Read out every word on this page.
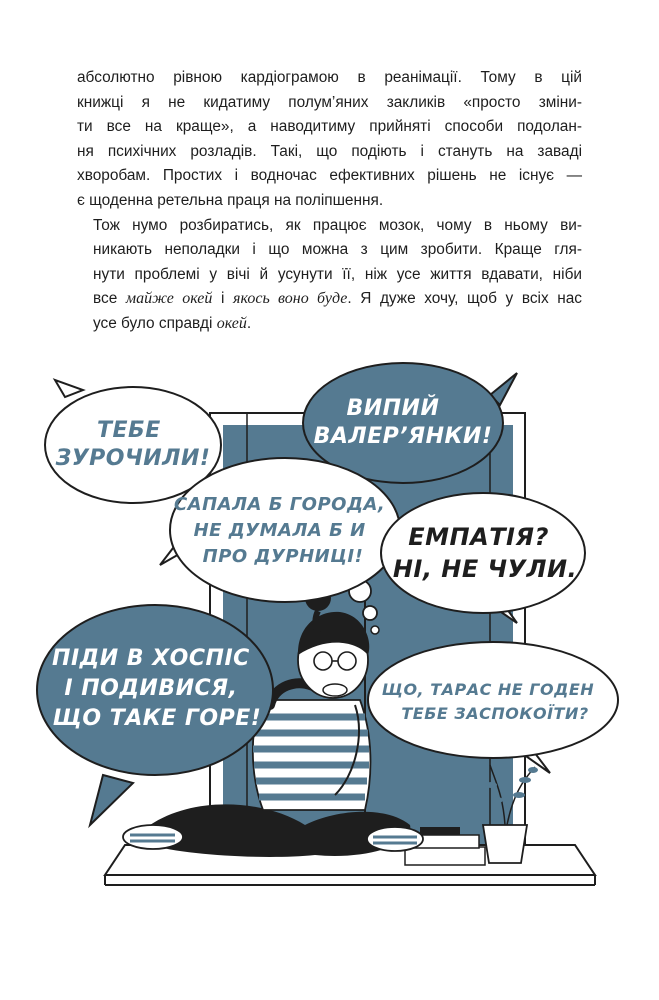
абсолютно рівною кардіограмою в реанімації. Тому в цій
книжці я не кидатиму полум’яних закликів «просто зміни-
ти все на краще», а наводитиму прийняті способи подолан-
ня психічних розладів. Такі, що подіють і стануть на заваді
хворобам. Простих і водночас ефективних рішень не існує —
є щоденна ретельна праця на поліпшення.

Тож нумо розбиратись, як працює мозок, чому в ньому ви-
никають неполадки і що можна з цим зробити. Краще гля-
нути проблемі у вічі й усунути її, ніж усе життя вдавати, ніби
все майже окей і якось воно буде. Я дуже хочу, щоб у всіх нас
усе було справді окей.

ТЕБЕ ЗУРОЧИЛИ!
ВИПИЙ ВАЛЕР’ЯНКИ!
САПАЛА Б ГОРОДА, НЕ ДУМАЛА Б И ПРО ДУРНИЦІ!
ЕМПАТІЯ? НІ, НЕ ЧУЛИ.
ПІДИ В ХОСПІС І ПОДИВИСЯ, ЩО ТАКЕ ГОРЕ!
ЩО, ТАРАС НЕ ГОДЕН ТЕБЕ ЗАСПОКОЇТИ?
